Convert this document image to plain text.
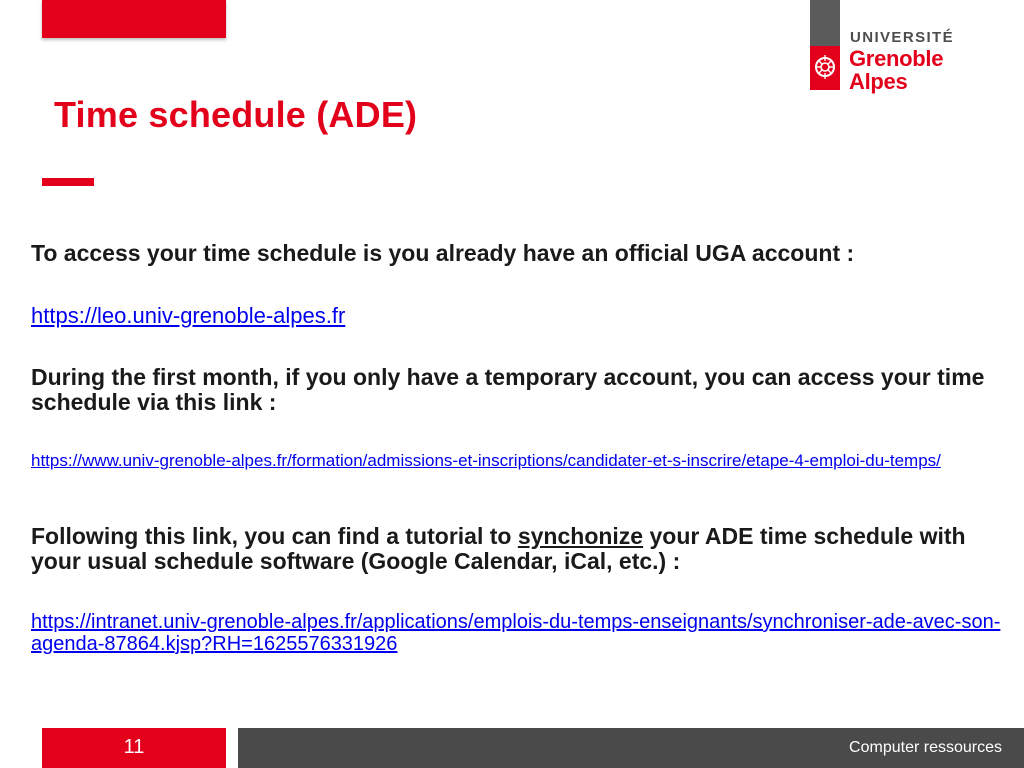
Time schedule (ADE)
UNIVERSITÉ
Grenoble
Alpes

To access your time schedule is you already have an official UGA account :

https://leo.univ-grenoble-alpes.fr

During the first month, if you only have a temporary account, you can access your time schedule via this link :

https://www.univ-grenoble-alpes.fr/formation/admissions-et-inscriptions/candidater-et-s-inscrire/etape-4-emploi-du-temps/

Following this link, you can find a tutorial to synchonize your ADE time schedule with your usual schedule software (Google Calendar, iCal, etc.) :

https://intranet.univ-grenoble-alpes.fr/applications/emplois-du-temps-enseignants/synchroniser-ade-avec-son-agenda-87864.kjsp?RH=1625576331926
11	Computer ressources
